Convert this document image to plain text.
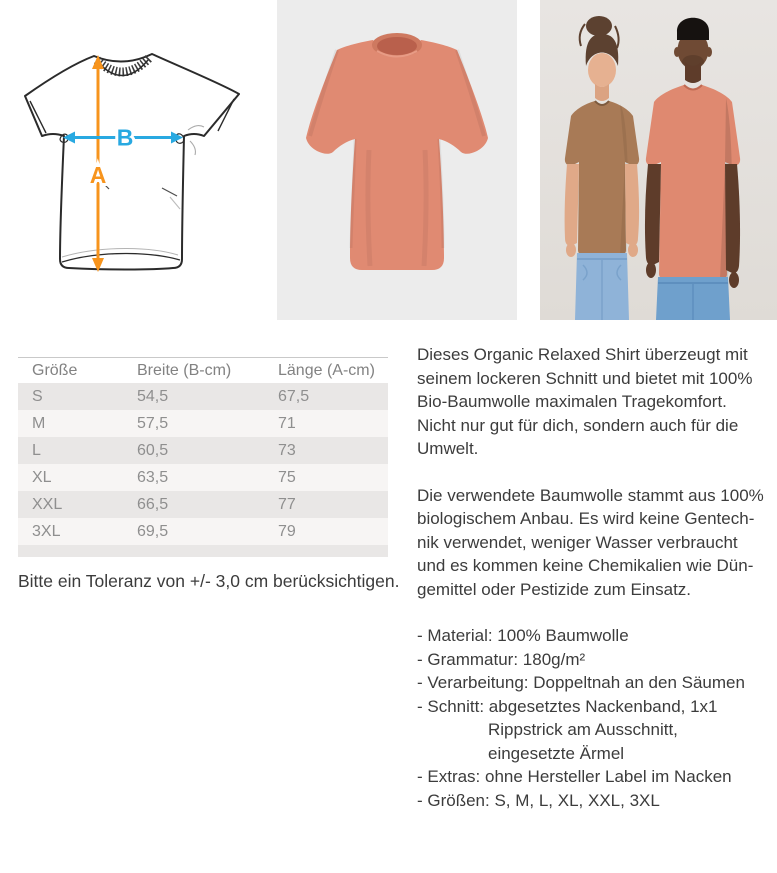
B
A
Größe	Breite (B-cm)	Länge (A-cm)
S	54,5	67,5
M	57,5	71
L	60,5	73
XL	63,5	75
XXL	66,5	77
3XL	69,5	79
Bitte ein Toleranz von +/- 3,0 cm berücksichtigen.
Dieses Organic Relaxed Shirt überzeugt mit
seinem lockeren Schnitt und bietet mit 100%
Bio-Baumwolle maximalen Tragekomfort.
Nicht nur gut für dich, sondern auch für die
Umwelt.
Die verwendete Baumwolle stammt aus 100%
biologischem Anbau. Es wird keine Gentech-
nik verwendet, weniger Wasser verbraucht
und es kommen keine Chemikalien wie Dün-
gemittel oder Pestizide zum Einsatz.
- Material: 100% Baumwolle
- Grammatur: 180g/m²
- Verarbeitung: Doppeltnah an den Säumen
- Schnitt: abgesetztes Nackenband, 1x1
Rippstrick am Ausschnitt,
eingesetzte Ärmel
- Extras: ohne Hersteller Label im Nacken
- Größen: S, M, L, XL, XXL, 3XL
